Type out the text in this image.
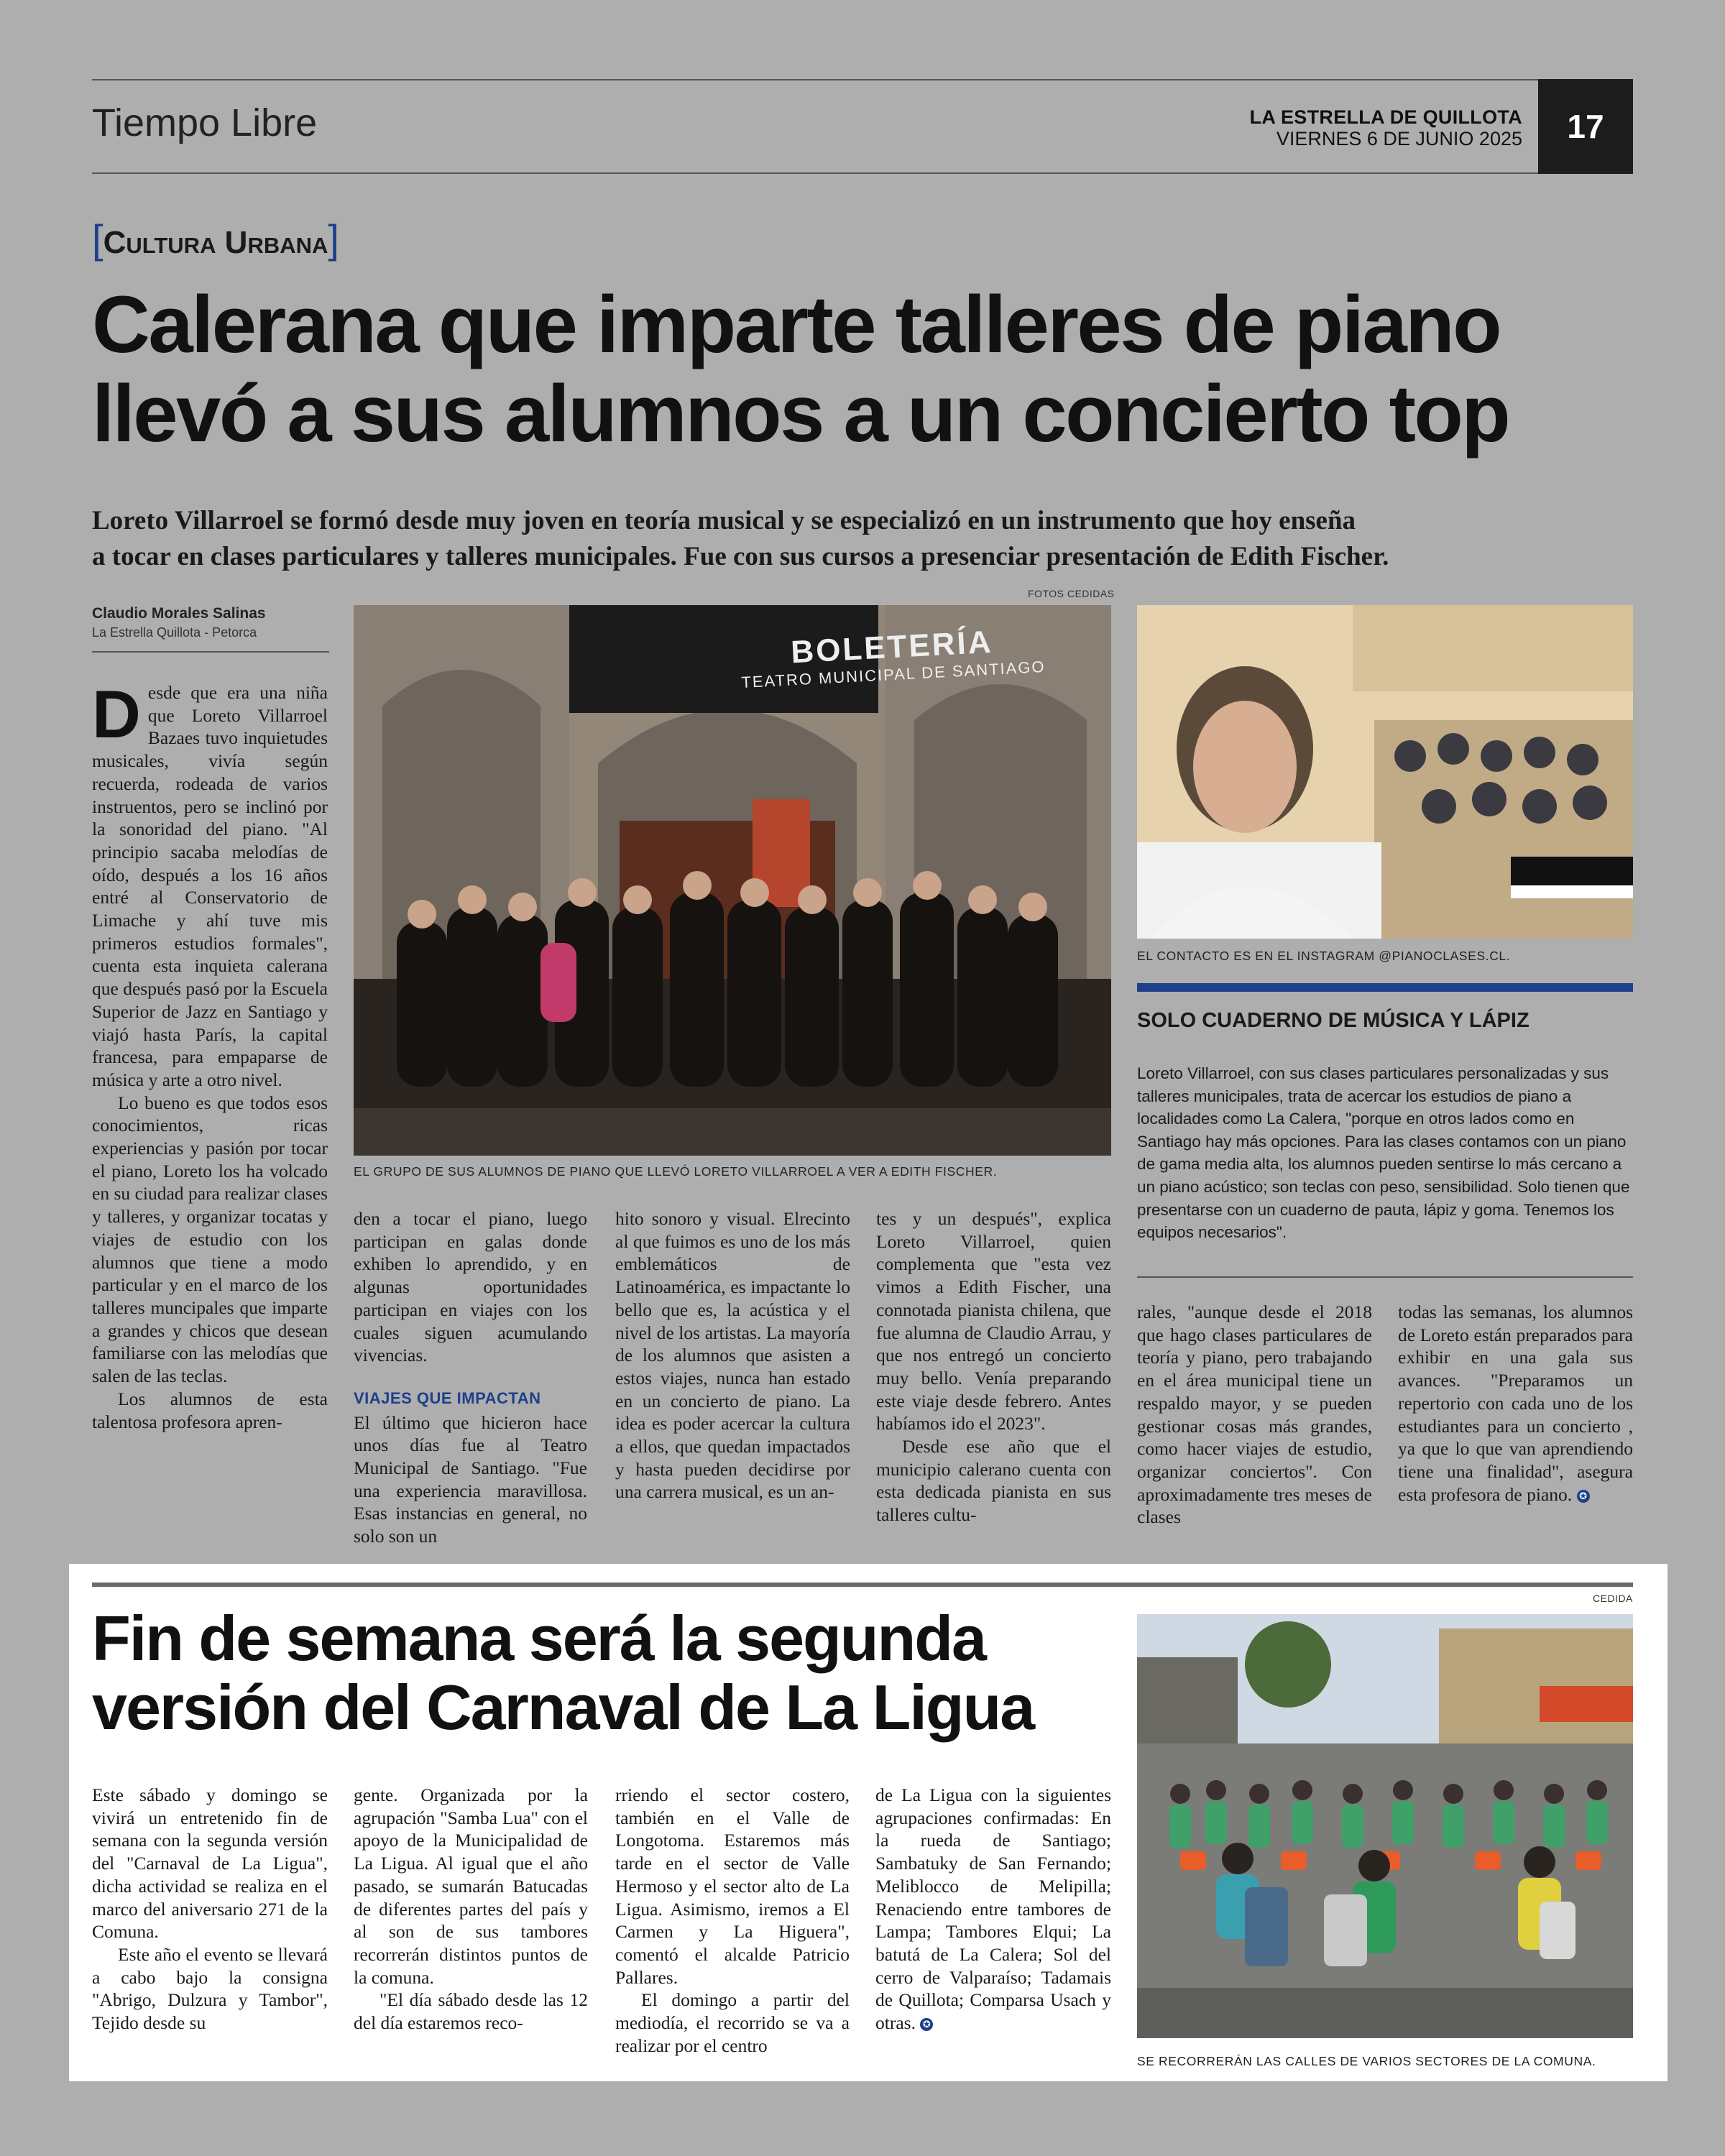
Tiempo Libre	LA ESTRELLA DE QUILLOTA
VIERNES 6 DE JUNIO 2025	17
[Cultura Urbana]
Calerana que imparte talleres de piano
llevó a sus alumnos a un concierto top
Loreto Villarroel se formó desde muy joven en teoría musical y se especializó en un instrumento que hoy enseña
a tocar en clases particulares y talleres municipales. Fue con sus cursos a presenciar presentación de Edith Fischer.
Claudio Morales Salinas
La Estrella Quillota - Petorca
FOTOS CEDIDAS
BOLETERÍA
TEATRO MUNICIPAL DE SANTIAGO
EL GRUPO DE SUS ALUMNOS DE PIANO QUE LLEVÓ LORETO VILLARROEL A VER A EDITH FISCHER.
EL CONTACTO ES EN EL INSTAGRAM @PIANOCLASES.CL.
SOLO CUADERNO DE MÚSICA Y LÁPIZ
Loreto Villarroel, con sus clases particulares personalizadas y sus talleres municipales, trata de acercar los estudios de piano a localidades como La Calera, "porque en otros lados como en Santiago hay más opciones. Para las clases contamos con un piano de gama media alta, los alumnos pueden sentirse lo más cercano a un piano acústico; son teclas con peso, sensibilidad. Solo tienen que presentarse con un cuaderno de pauta, lápiz y goma. Tenemos los equipos necesarios".
D esde que era una niña que Loreto Villarroel Bazaes tuvo inquietudes musicales, vivía según recuerda, rodeada de varios instruentos, pero se inclinó por la sonoridad del piano. "Al principio sacaba melodías de oído, después a los 16 años entré al Conservatorio de Limache y ahí tuve mis primeros estudios formales", cuenta esta inquieta calerana que después pasó por la Escuela Superior de Jazz en Santiago y viajó hasta París, la capital francesa, para empaparse de música y arte a otro nivel.

Lo bueno es que todos esos conocimientos, ricas experiencias y pasión por tocar el piano, Loreto los ha volcado en su ciudad para realizar clases y talleres, y organizar tocatas y viajes de estudio con los alumnos que tiene a modo particular y en el marco de los talleres muncipales que imparte a grandes y chicos que desean familiarse con las melodías que salen de las teclas.

Los alumnos de esta talentosa profesora apren-

den a tocar el piano, luego participan en galas donde exhiben lo aprendido, y en algunas oportunidades participan en viajes con los cuales siguen acumulando vivencias.

VIAJES QUE IMPACTAN

El último que hicieron hace unos días fue al Teatro Municipal de Santiago. "Fue una experiencia maravillosa. Esas instancias en general, no solo son un

hito sonoro y visual. Elrecinto al que fuimos es uno de los más emblemáticos de Latinoamérica, es impactante lo bello que es, la acústica y el nivel de los artistas. La mayoría de los alumnos que asisten a estos viajes, nunca han estado en un concierto de piano. La idea es poder acercar la cultura a ellos, que quedan impactados y hasta pueden decidirse por una carrera musical, es un an-

tes y un después", explica Loreto Villarroel, quien complementa que "esta vez vimos a Edith Fischer, una connotada pianista chilena, que fue alumna de Claudio Arrau, y que nos entregó un concierto muy bello. Venía preparando este viaje desde febrero. Antes habíamos ido el 2023".

Desde ese año que el municipio calerano cuenta con esta dedicada pianista en sus talleres cultu-

rales, "aunque desde el 2018 que hago clases particulares de teoría y piano, pero trabajando en el área municipal tiene un respaldo mayor, y se pueden gestionar cosas más grandes, como hacer viajes de estudio, organizar conciertos". Con aproximadamente tres meses de clases

todas las semanas, los alumnos de Loreto están preparados para exhibir en una gala sus avances. "Preparamos un repertorio con cada uno de los estudiantes para un concierto , ya que lo que van aprendiendo tiene una finalidad", asegura esta profesora de piano. ✪

Fin de semana será la segunda
versión del Carnaval de La Ligua
CEDIDA
SE RECORRERÁN LAS CALLES DE VARIOS SECTORES DE LA COMUNA.

Este sábado y domingo se vivirá un entretenido fin de semana con la segunda versión del "Carnaval de La Ligua", dicha actividad se realiza en el marco del aniversario 271 de la Comuna.

Este año el evento se llevará a cabo bajo la consigna "Abrigo, Dulzura y Tambor", Tejido desde su

gente. Organizada por la agrupación "Samba Lua" con el apoyo de la Municipalidad de La Ligua. Al igual que el año pasado, se sumarán Batucadas de diferentes partes del país y al son de sus tambores recorrerán distintos puntos de la comuna.

"El día sábado desde las 12 del día estaremos reco-

rriendo el sector costero, también en el Valle de Longotoma. Estaremos más tarde en el sector de Valle Hermoso y el sector alto de La Ligua. Asimismo, iremos a El Carmen y La Higuera", comentó el alcalde Patricio Pallares.

El domingo a partir del mediodía, el recorrido se va a realizar por el centro

de La Ligua con la siguientes agrupaciones confirmadas: En la rueda de Santiago; Sambatuky de San Fernando; Meliblocco de Melipilla; Renaciendo entre tambores de Lampa; Tambores Elqui; La batutá de La Calera; Sol del cerro de Valparaíso; Tadamais de Quillota; Comparsa Usach y otras. ✪
